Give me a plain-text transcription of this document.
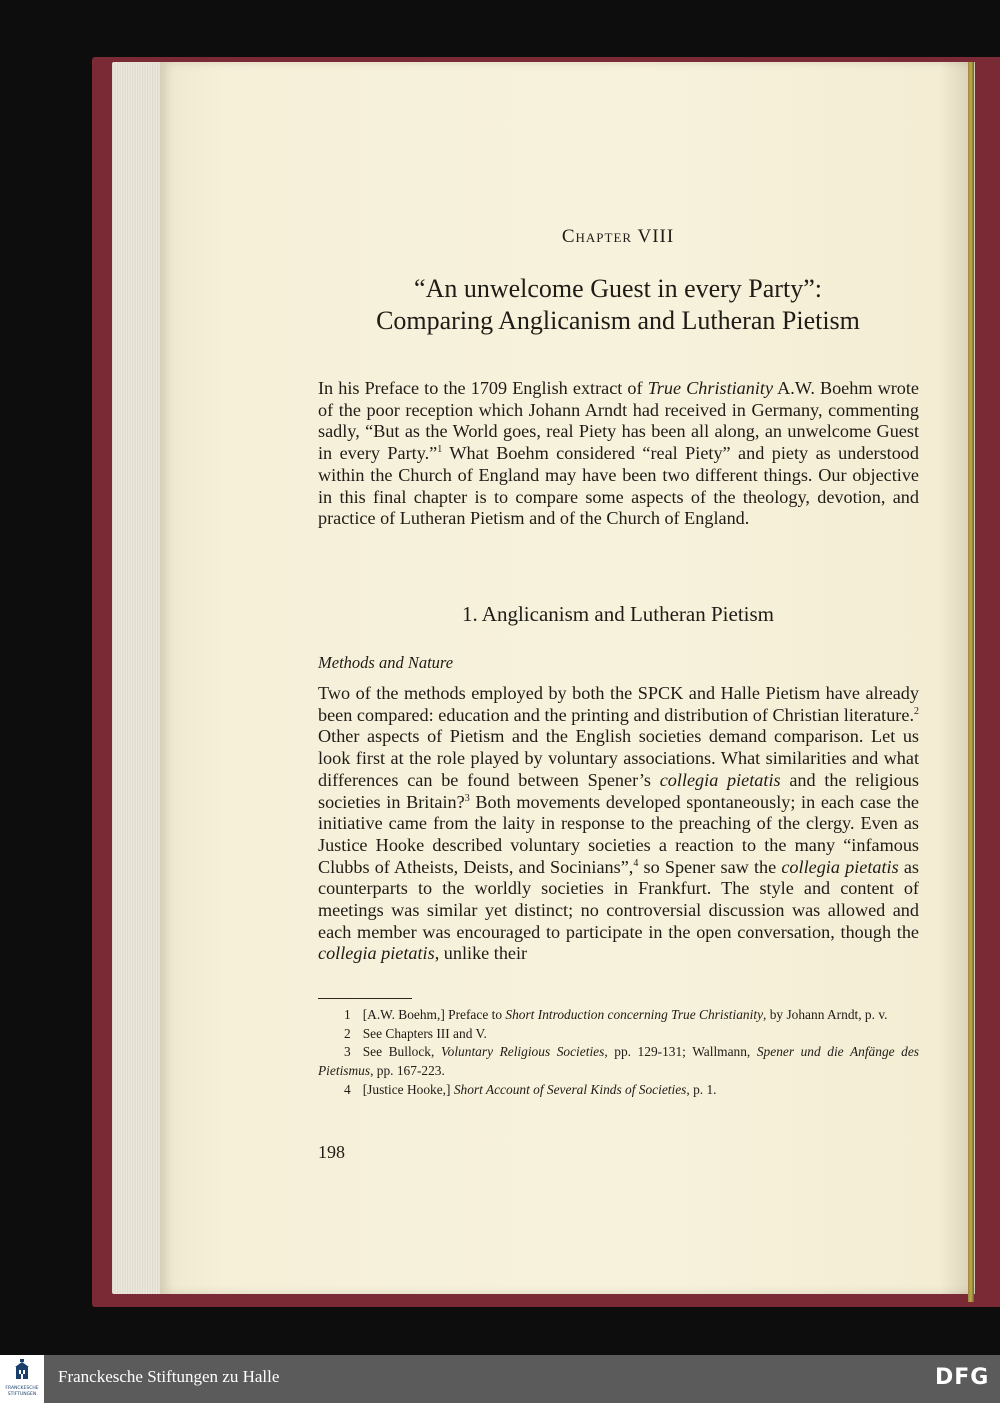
Chapter VIII
“An unwelcome Guest in every Party”:
Comparing Anglicanism and Lutheran Pietism

In his Preface to the 1709 English extract of True Christianity A.W. Boehm wrote of the poor reception which Johann Arndt had received in Germany, commenting sadly, “But as the World goes, real Piety has been all along, an unwelcome Guest in every Party.”$^1$ What Boehm considered “real Piety” and piety as understood within the Church of England may have been two different things. Our objective in this final chapter is to compare some aspects of the theology, devotion, and practice of Lutheran Pietism and of the Church of England.

1. Anglicanism and Lutheran Pietism
Methods and Nature

Two of the methods employed by both the SPCK and Halle Pietism have already been compared: education and the printing and distribution of Christian literature.$^2$ Other aspects of Pietism and the English societies demand comparison. Let us look first at the role played by voluntary associations. What similarities and what differences can be found between Spener’s collegia pietatis and the religious societies in Britain?$^3$ Both movements developed spontaneously; in each case the initiative came from the laity in response to the preaching of the clergy. Even as Justice Hooke described voluntary societies a reaction to the many “infamous Clubbs of Atheists, Deists, and Socinians”,$^4$ so Spener saw the collegia pietatis as counterparts to the worldly societies in Frankfurt. The style and content of meetings was similar yet distinct; no controversial discussion was allowed and each member was encouraged to participate in the open conversation, though the collegia pietatis, unlike their

1 [A.W. Boehm,] Preface to Short Introduction concerning True Christianity, by Johann Arndt, p. v.
2 See Chapters III and V.
3 See Bullock, Voluntary Religious Societies, pp. 129-131; Wallmann, Spener und die Anfänge des Pietismus, pp. 167-223.
4 [Justice Hooke,] Short Account of Several Kinds of Societies, p. 1.
198
FRANCKESCHE STIFTUNGEN
Franckesche Stiftungen zu Halle	DFG
